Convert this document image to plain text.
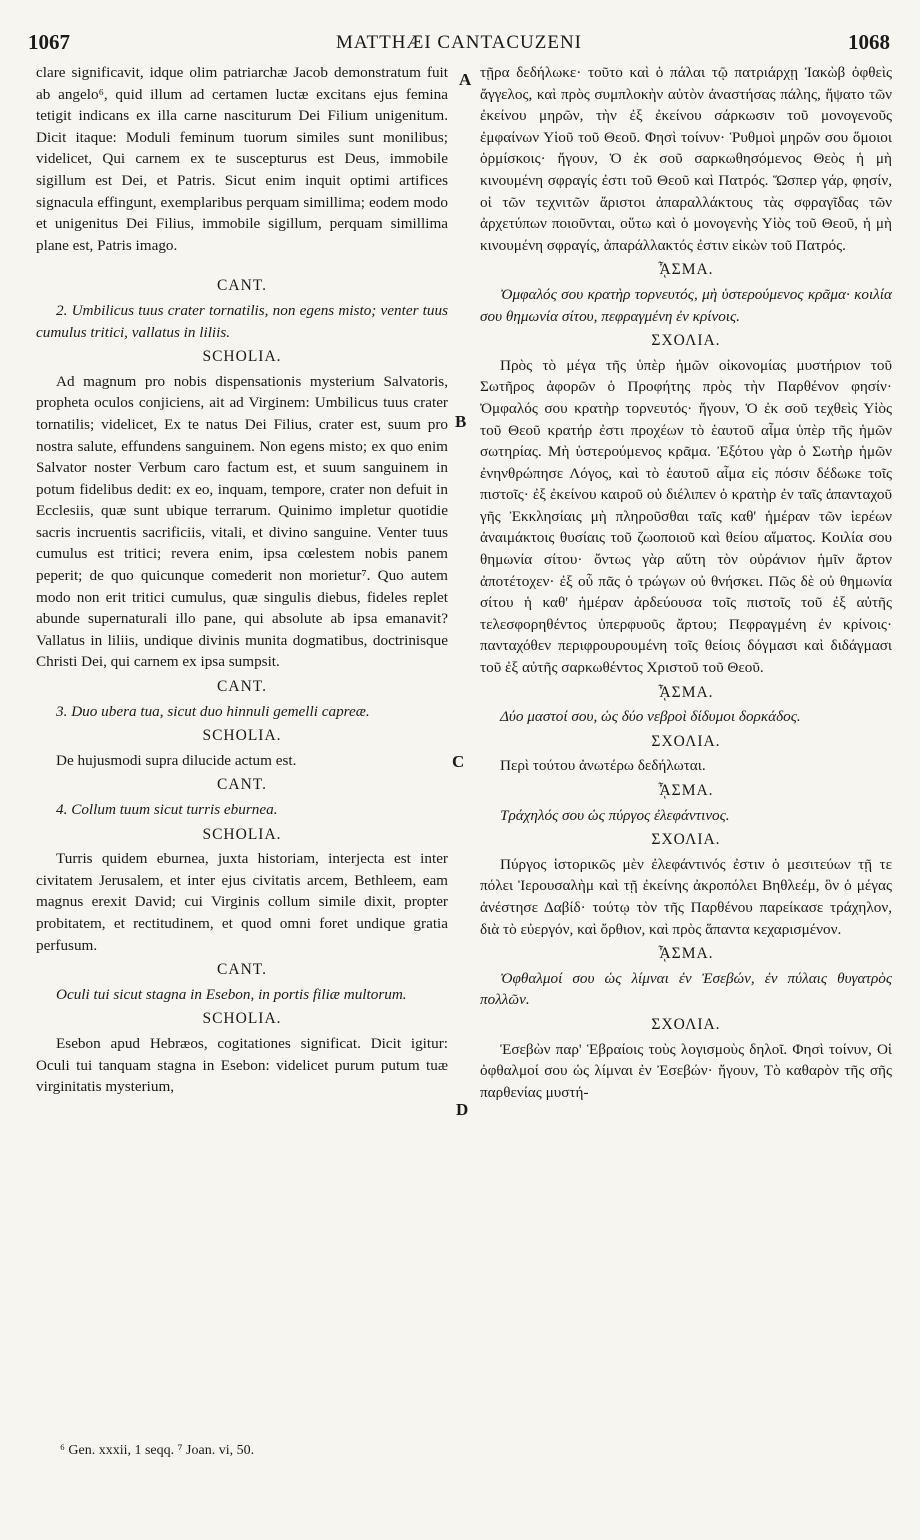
1067	MATTHÆI CANTACUZENI	1068
A
B
C
D

clare significavit, idque olim patriarchæ Jacob demonstratum fuit ab angelo⁶, quid illum ad certamen luctæ excitans ejus femina tetigit indicans ex illa carne nasciturum Dei Filium unigenitum. Dicit itaque: Moduli feminum tuorum similes sunt monilibus; videlicet, Qui carnem ex te suscepturus est Deus, immobile sigillum est Dei, et Patris. Sicut enim inquit optimi artifices signacula effingunt, exemplaribus perquam simillima; eodem modo et unigenitus Dei Filius, immobile sigillum, perquam simillima plane est, Patris imago.

CANT.

2. Umbilicus tuus crater tornatilis, non egens misto; venter tuus cumulus tritici, vallatus in liliis.

SCHOLIA.

Ad magnum pro nobis dispensationis mysterium Salvatoris, propheta oculos conjiciens, ait ad Virginem: Umbilicus tuus crater tornatilis; videlicet, Ex te natus Dei Filius, crater est, suum pro nostra salute, effundens sanguinem. Non egens misto; ex quo enim Salvator noster Verbum caro factum est, et suum sanguinem in potum fidelibus dedit: ex eo, inquam, tempore, crater non defuit in Ecclesiis, quæ sunt ubique terrarum. Quinimo impletur quotidie sacris incruentis sacrificiis, vitali, et divino sanguine. Venter tuus cumulus est tritici; revera enim, ipsa cœlestem nobis panem peperit; de quo quicunque comederit non morietur⁷. Quo autem modo non erit tritici cumulus, quæ singulis diebus, fideles replet abunde supernaturali illo pane, qui absolute ab ipsa emanavit? Vallatus in liliis, undique divinis munita dogmatibus, doctrinisque Christi Dei, qui carnem ex ipsa sumpsit.

CANT.

3. Duo ubera tua, sicut duo hinnuli gemelli capreæ.

SCHOLIA.

De hujusmodi supra dilucide actum est.

CANT.

4. Collum tuum sicut turris eburnea.

SCHOLIA.

Turris quidem eburnea, juxta historiam, interjecta est inter civitatem Jerusalem, et inter ejus civitatis arcem, Bethleem, eam magnus erexit David; cui Virginis collum simile dixit, propter probitatem, et rectitudinem, et quod omni foret undique gratia perfusum.

CANT.

Oculi tui sicut stagna in Esebon, in portis filiæ multorum.

SCHOLIA.

Esebon apud Hebræos, cogitationes significat. Dicit igitur: Oculi tui tanquam stagna in Esebon: videlicet purum putum tuæ virginitatis mysterium,

τῇρα δεδήλωκε· τοῦτο καὶ ὁ πάλαι τῷ πατριάρχῃ Ἰακὼβ ὀφθεὶς ἄγγελος, καὶ πρὸς συμπλοκὴν αὐτὸν ἀναστήσας πάλης, ἥψατο τῶν ἐκείνου μηρῶν, τὴν ἐξ ἐκείνου σάρκωσιν τοῦ μονογενοῦς ἐμφαίνων Υἱοῦ τοῦ Θεοῦ. Φησὶ τοίνυν· Ῥυθμοὶ μηρῶν σου ὅμοιοι ὁρμίσκοις· ἤγουν, Ὁ ἐκ σοῦ σαρκωθησόμενος Θεὸς ἡ μὴ κινουμένη σφραγίς ἐστι τοῦ Θεοῦ καὶ Πατρός. Ὥσπερ γάρ, φησίν, οἱ τῶν τεχνιτῶν ἄριστοι ἀπαραλλάκτους τὰς σφραγῖδας τῶν ἀρχετύπων ποιοῦνται, οὕτω καὶ ὁ μονογενὴς Υἱὸς τοῦ Θεοῦ, ἡ μὴ κινουμένη σφραγίς, ἀπαράλλακτός ἐστιν εἰκὼν τοῦ Πατρός.

ᾎΣΜΑ.

Ὀμφαλός σου κρατὴρ τορνευτός, μὴ ὑστερούμενος κρᾶμα· κοιλία σου θημωνία σίτου, πεφραγμένη ἐν κρίνοις.

ΣΧΟΛΙΑ.

Πρὸς τὸ μέγα τῆς ὑπὲρ ἡμῶν οἰκονομίας μυστήριον τοῦ Σωτῆρος ἀφορῶν ὁ Προφήτης πρὸς τὴν Παρθένον φησίν· Ὀμφαλός σου κρατὴρ τορνευτός· ἤγουν, Ὁ ἐκ σοῦ τεχθεὶς Υἱὸς τοῦ Θεοῦ κρατήρ ἐστι προχέων τὸ ἑαυτοῦ αἷμα ὑπὲρ τῆς ἡμῶν σωτηρίας. Μὴ ὑστερούμενος κρᾶμα. Ἐξότου γὰρ ὁ Σωτὴρ ἡμῶν ἐνηνθρώπησε Λόγος, καὶ τὸ ἑαυτοῦ αἷμα εἰς πόσιν δέδωκε τοῖς πιστοῖς· ἐξ ἐκείνου καιροῦ οὐ διέλιπεν ὁ κρατὴρ ἐν ταῖς ἁπανταχοῦ γῆς Ἐκκλησίαις μὴ πληροῦσθαι ταῖς καθ' ἡμέραν τῶν ἱερέων ἀναιμάκτοις θυσίαις τοῦ ζωοποιοῦ καὶ θείου αἵματος. Κοιλία σου θημωνία σίτου· ὄντως γὰρ αὕτη τὸν οὐράνιον ἡμῖν ἄρτον ἀποτέτοχεν· ἐξ οὗ πᾶς ὁ τρώγων οὐ θνήσκει. Πῶς δὲ οὐ θημωνία σίτου ἡ καθ' ἡμέραν ἀρδεύουσα τοῖς πιστοῖς τοῦ ἐξ αὐτῆς τελεσφορηθέντος ὑπερφυοῦς ἄρτου; Πεφραγμένη ἐν κρίνοις· πανταχόθεν περιφρουρουμένη τοῖς θείοις δόγμασι καὶ διδάγμασι τοῦ ἐξ αὐτῆς σαρκωθέντος Χριστοῦ τοῦ Θεοῦ.

ᾎΣΜΑ.

Δύο μαστοί σου, ὡς δύο νεβροὶ δίδυμοι δορκάδος.

ΣΧΟΛΙΑ.

Περὶ τούτου ἀνωτέρω δεδήλωται.

ᾎΣΜΑ.

Τράχηλός σου ὡς πύργος ἐλεφάντινος.

ΣΧΟΛΙΑ.

Πύργος ἱστορικῶς μὲν ἐλεφάντινός ἐστιν ὁ μεσιτεύων τῇ τε πόλει Ἱερουσαλὴμ καὶ τῇ ἐκείνης ἀκροπόλει Βηθλεέμ, ὃν ὁ μέγας ἀνέστησε Δαβίδ· τούτῳ τὸν τῆς Παρθένου παρείκασε τράχηλον, διὰ τὸ εὐεργόν, καὶ ὄρθιον, καὶ πρὸς ἅπαντα κεχαρισμένον.

ᾎΣΜΑ.

Ὀφθαλμοί σου ὡς λίμναι ἐν Ἐσεβών, ἐν πύλαις θυγατρὸς πολλῶν.

ΣΧΟΛΙΑ.

Ἐσεβὼν παρ' Ἑβραίοις τοὺς λογισμοὺς δηλοῖ. Φησὶ τοίνυν, Οἱ ὀφθαλμοί σου ὡς λίμναι ἐν Ἐσεβών· ἤγουν, Τὸ καθαρὸν τῆς σῆς παρθενίας μυστή-

⁶ Gen. xxxii, 1 seqq. ⁷ Joan. vi, 50.
